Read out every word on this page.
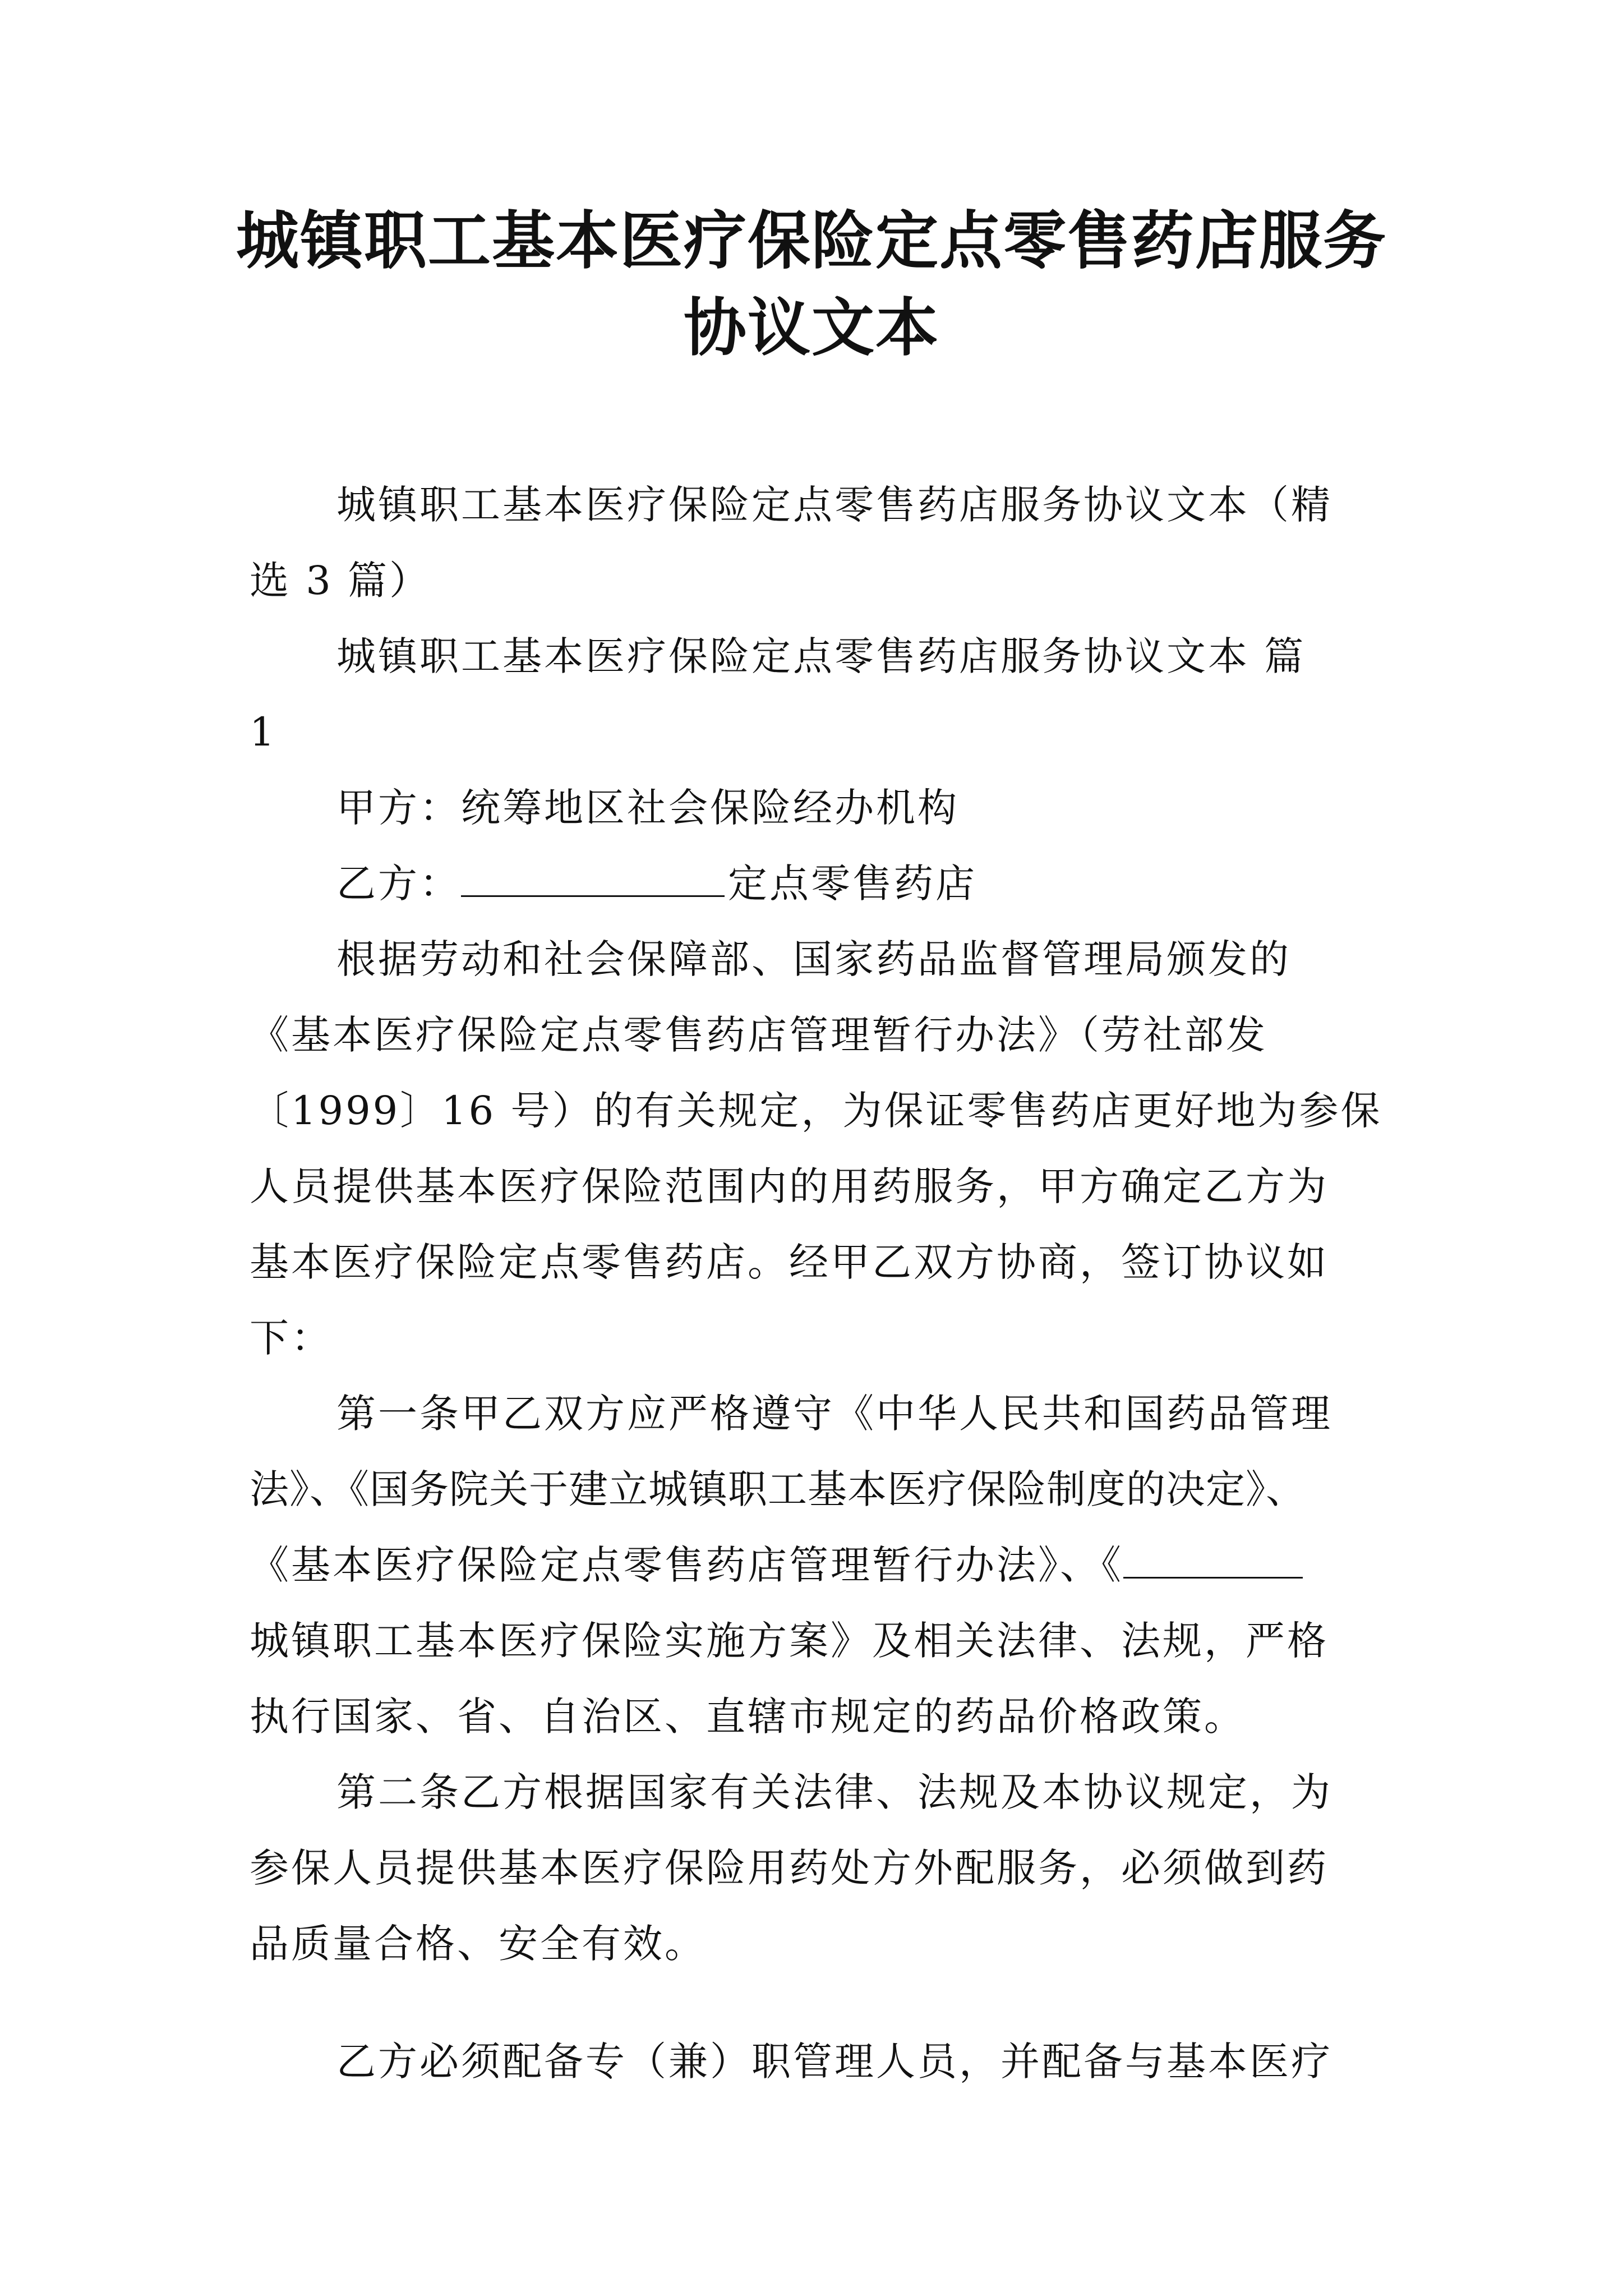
城镇职工基本医疗保险定点零售药店服务
协议文本

城镇职工基本医疗保险定点零售药店服务协议文本（精

选 3 篇）

城镇职工基本医疗保险定点零售药店服务协议文本 篇

1

甲方：统筹地区社会保险经办机构

乙方：	定点零售药店

根据劳动和社会保障部、国家药品监督管理局颁发的

《基本医疗保险定点零售药店管理暂行办法》（劳社部发

〔1999〕16 号）的有关规定，为保证零售药店更好地为参保

人员提供基本医疗保险范围内的用药服务，甲方确定乙方为

基本医疗保险定点零售药店。经甲乙双方协商，签订协议如

下：

第一条甲乙双方应严格遵守《中华人民共和国药品管理

法》、《国务院关于建立城镇职工基本医疗保险制度的决定》、

《基本医疗保险定点零售药店管理暂行办法》、《

城镇职工基本医疗保险实施方案》及相关法律、法规，严格

执行国家、省、自治区、直辖市规定的药品价格政策。

第二条乙方根据国家有关法律、法规及本协议规定，为

参保人员提供基本医疗保险用药处方外配服务，必须做到药

品质量合格、安全有效。

乙方必须配备专（兼）职管理人员，并配备与基本医疗
